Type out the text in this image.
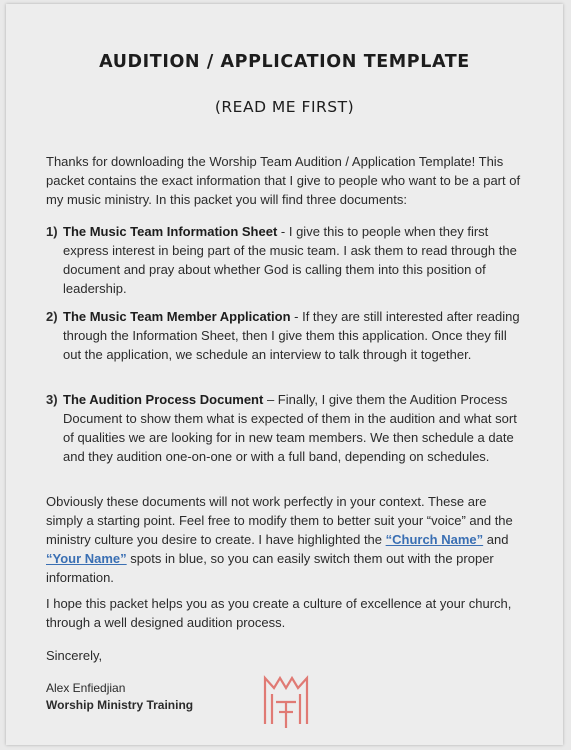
AUDITION / APPLICATION TEMPLATE
(READ ME FIRST)
Thanks for downloading the Worship Team Audition / Application Template! This packet contains the exact information that I give to people who want to be a part of my music ministry. In this packet you will find three documents:
1) The Music Team Information Sheet - I give this to people when they first express interest in being part of the music team. I ask them to read through the document and pray about whether God is calling them into this position of leadership.
2) The Music Team Member Application - If they are still interested after reading through the Information Sheet, then I give them this application. Once they fill out the application, we schedule an interview to talk through it together.
3) The Audition Process Document – Finally, I give them the Audition Process Document to show them what is expected of them in the audition and what sort of qualities we are looking for in new team members. We then schedule a date and they audition one-on-one or with a full band, depending on schedules.
Obviously these documents will not work perfectly in your context. These are simply a starting point. Feel free to modify them to better suit your “voice” and the ministry culture you desire to create. I have highlighted the “Church Name” and “Your Name” spots in blue, so you can easily switch them out with the proper information.
I hope this packet helps you as you create a culture of excellence at your church, through a well designed audition process.
Sincerely,
Alex Enfiedjian
Worship Ministry Training
